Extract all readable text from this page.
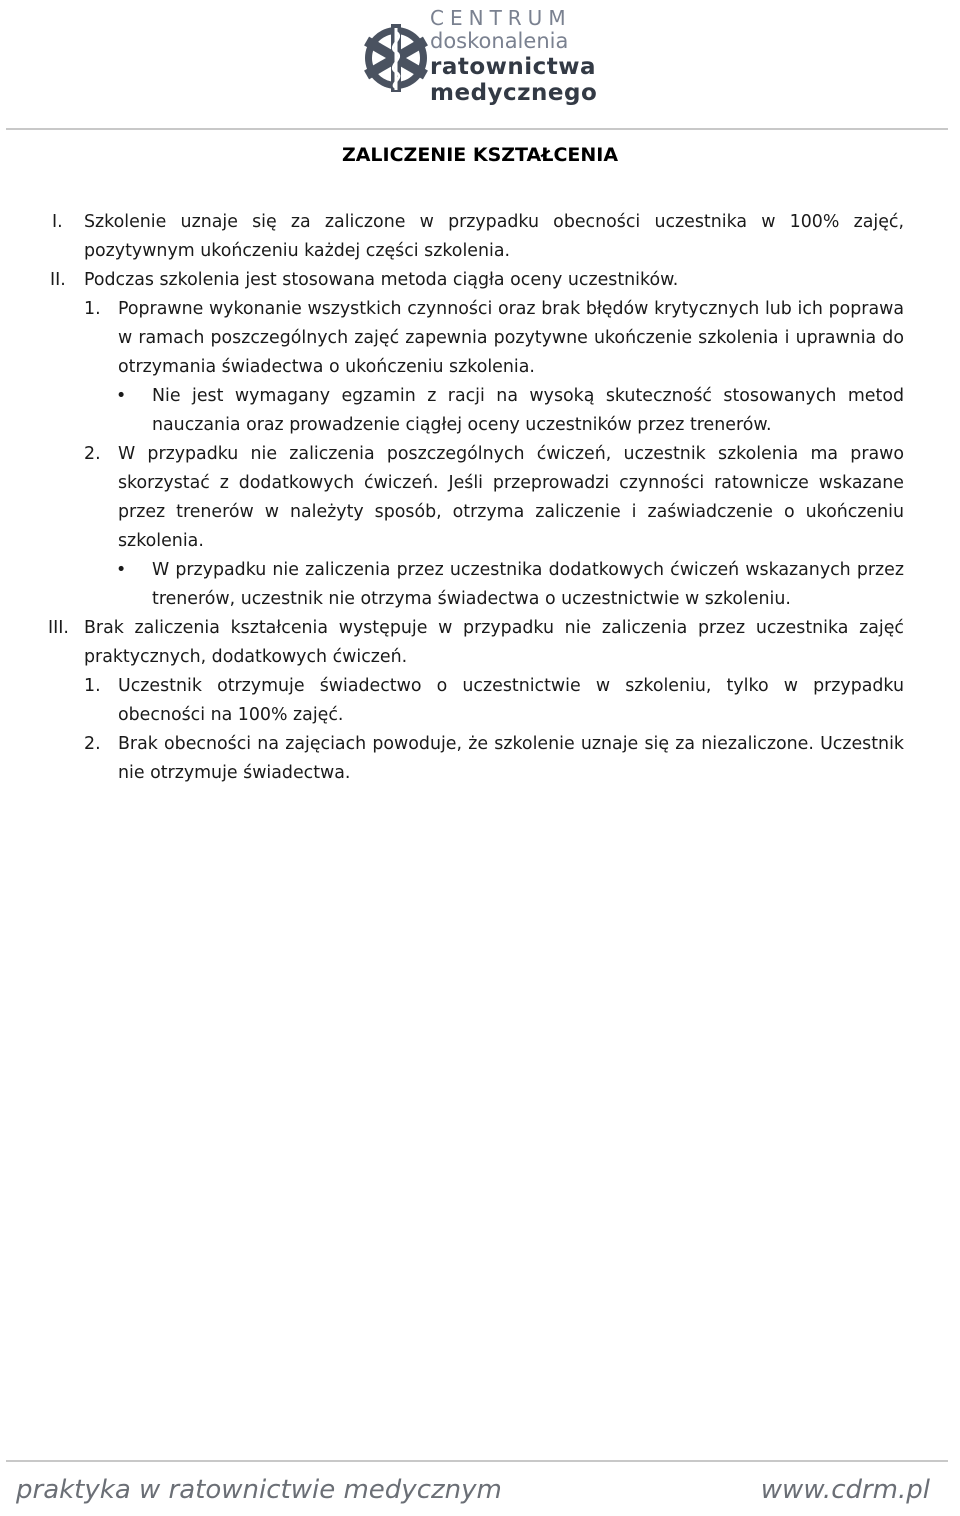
CENTRUM
doskonalenia
ratownictwa
medycznego
ZALICZENIE KSZTAŁCENIA
I. Szkolenie uznaje się za zaliczone w przypadku obecności uczestnika w 100% zajęć, pozytywnym ukończeniu każdej części szkolenia.
II. Podczas szkolenia jest stosowana metoda ciągła oceny uczestników.
1. Poprawne wykonanie wszystkich czynności oraz brak błędów krytycznych lub ich poprawa w ramach poszczególnych zajęć zapewnia pozytywne ukończenie szkolenia i uprawnia do otrzymania świadectwa o ukończeniu szkolenia.
• Nie jest wymagany egzamin z racji na wysoką skuteczność stosowanych metod nauczania oraz prowadzenie ciągłej oceny uczestników przez trenerów.
2. W przypadku nie zaliczenia poszczególnych ćwiczeń, uczestnik szkolenia ma prawo skorzystać z dodatkowych ćwiczeń. Jeśli przeprowadzi czynności ratownicze wskazane przez trenerów w należyty sposób, otrzyma zaliczenie i zaświadczenie o ukończeniu szkolenia.
• W przypadku nie zaliczenia przez uczestnika dodatkowych ćwiczeń wskazanych przez trenerów, uczestnik nie otrzyma świadectwa o uczestnictwie w szkoleniu.
III. Brak zaliczenia kształcenia występuje w przypadku nie zaliczenia przez uczestnika zajęć praktycznych, dodatkowych ćwiczeń.
1. Uczestnik otrzymuje świadectwo o uczestnictwie w szkoleniu, tylko w przypadku obecności na 100% zajęć.
2. Brak obecności na zajęciach powoduje, że szkolenie uznaje się za niezaliczone. Uczestnik nie otrzymuje świadectwa.
praktyka w ratownictwie medycznym	www.cdrm.pl
